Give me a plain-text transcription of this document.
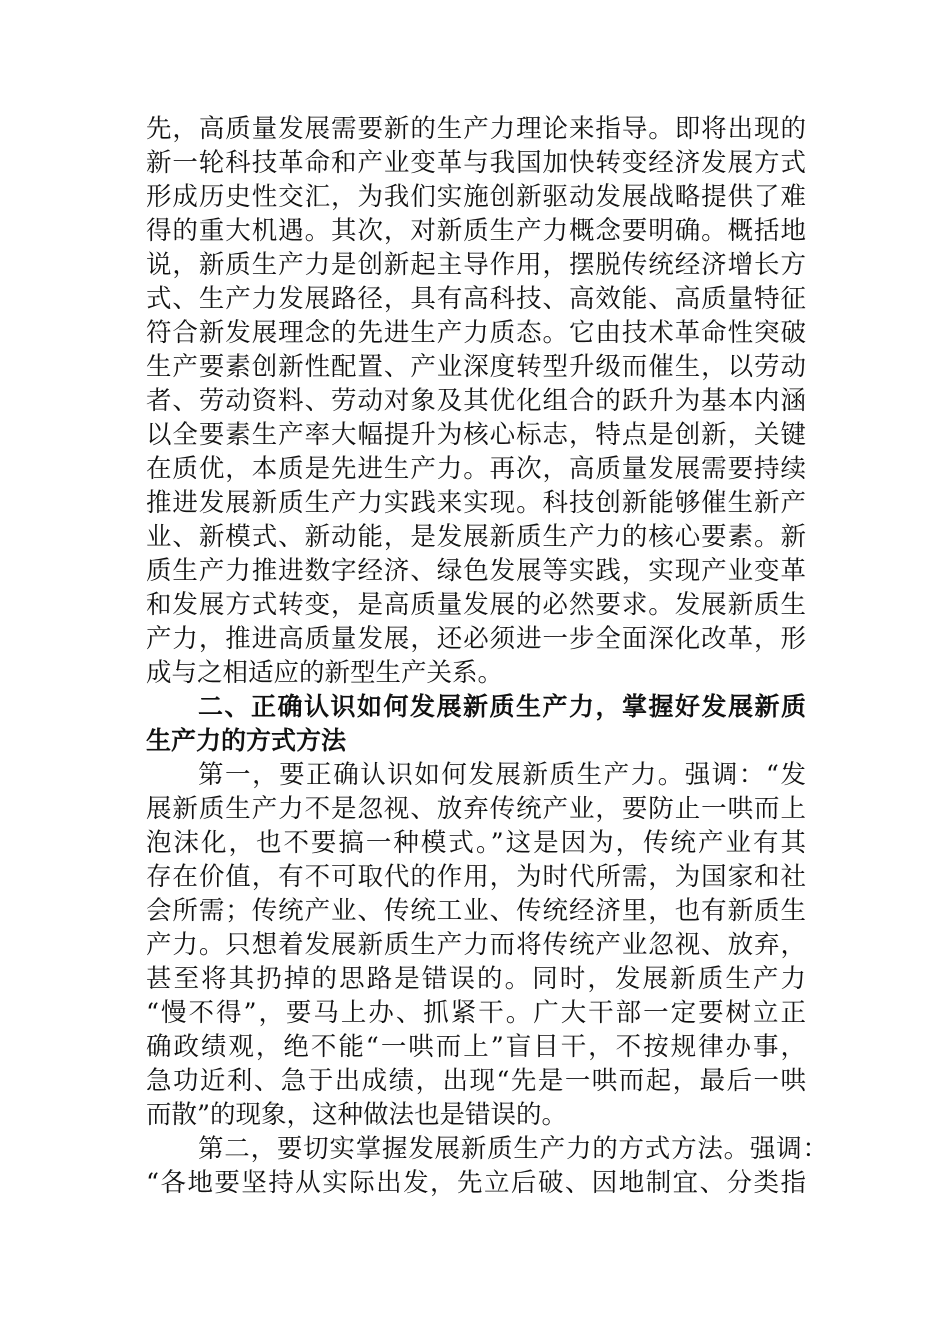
先，高质量发展需要新的生产力理论来指导。即将出现的
新一轮科技革命和产业变革与我国加快转变经济发展方式
形成历史性交汇，为我们实施创新驱动发展战略提供了难
得的重大机遇。其次，对新质生产力概念要明确。概括地
说，新质生产力是创新起主导作用，摆脱传统经济增长方
式、生产力发展路径，具有高科技、高效能、高质量特征
符合新发展理念的先进生产力质态。它由技术革命性突破
生产要素创新性配置、产业深度转型升级而催生，以劳动
者、劳动资料、劳动对象及其优化组合的跃升为基本内涵
以全要素生产率大幅提升为核心标志，特点是创新，关键
在质优，本质是先进生产力。再次，高质量发展需要持续
推进发展新质生产力实践来实现。科技创新能够催生新产
业、新模式、新动能，是发展新质生产力的核心要素。新
质生产力推进数字经济、绿色发展等实践，实现产业变革
和发展方式转变，是高质量发展的必然要求。发展新质生
产力，推进高质量发展，还必须进一步全面深化改革，形
成与之相适应的新型生产关系。
二、正确认识如何发展新质生产力，掌握好发展新质
生产力的方式方法
第一，要正确认识如何发展新质生产力。强调：“发
展新质生产力不是忽视、放弃传统产业，要防止一哄而上
泡沫化，也不要搞一种模式。”这是因为，传统产业有其
存在价值，有不可取代的作用，为时代所需，为国家和社
会所需；传统产业、传统工业、传统经济里，也有新质生
产力。只想着发展新质生产力而将传统产业忽视、放弃，
甚至将其扔掉的思路是错误的。同时，发展新质生产力
“慢不得”，要马上办、抓紧干。广大干部一定要树立正
确政绩观，绝不能“一哄而上”盲目干，不按规律办事，
急功近利、急于出成绩，出现“先是一哄而起，最后一哄
而散”的现象，这种做法也是错误的。
第二，要切实掌握发展新质生产力的方式方法。强调：
“各地要坚持从实际出发，先立后破、因地制宜、分类指
